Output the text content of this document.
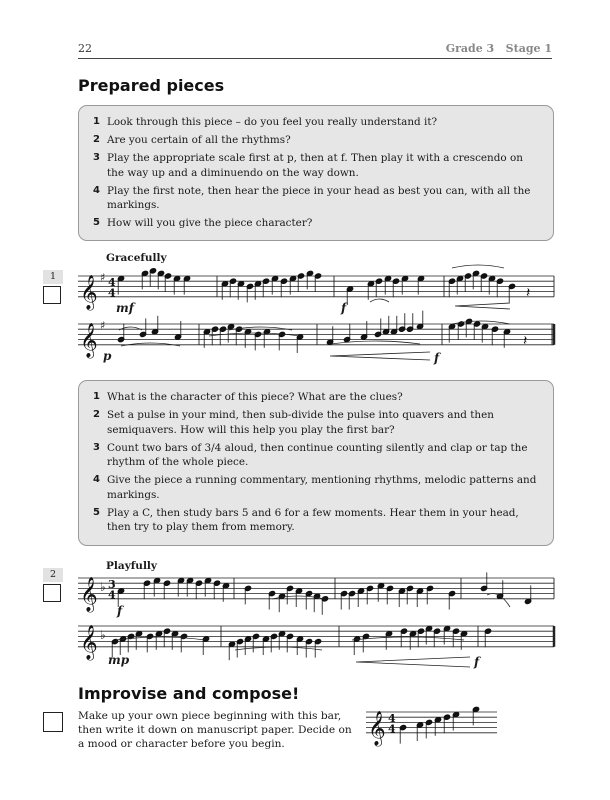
22	Grade 3   Stage 1
Prepared pieces
1 Look through this piece – do you feel you really understand it?
2 Are you certain of all the rhythms?
3 Play the appropriate scale first at p, then at f. Then play it with a crescendo on the way up and a diminuendo on the way down.
4 Play the first note, then hear the piece in your head as best you can, with all the markings.
5 How will you give the piece character?
Gracefully
1 𝄞 ♯ 4
4
𝄞 ♯
𝄞 ♭ 3
4
𝄞 ♭
𝄞 4
4
𝄽
𝄽
mf	f
p	f
1 What is the character of this piece? What are the clues?
2 Set a pulse in your mind, then sub-divide the pulse into quavers and then semiquavers. How will this help you play the first bar?
3 Count two bars of 3/4 aloud, then continue counting silently and clap or tap the rhythm of the whole piece.
4 Give the piece a running commentary, mentioning rhythms, melodic patterns and markings.
5 Play a C, then study bars 5 and 6 for a few moments. Hear them in your head, then try to play them from memory.
Playfully
2
f
mp	f
Improvise and compose!
Make up your own piece beginning with this bar, then write it down on manuscript paper. Decide on a mood or character before you begin.
